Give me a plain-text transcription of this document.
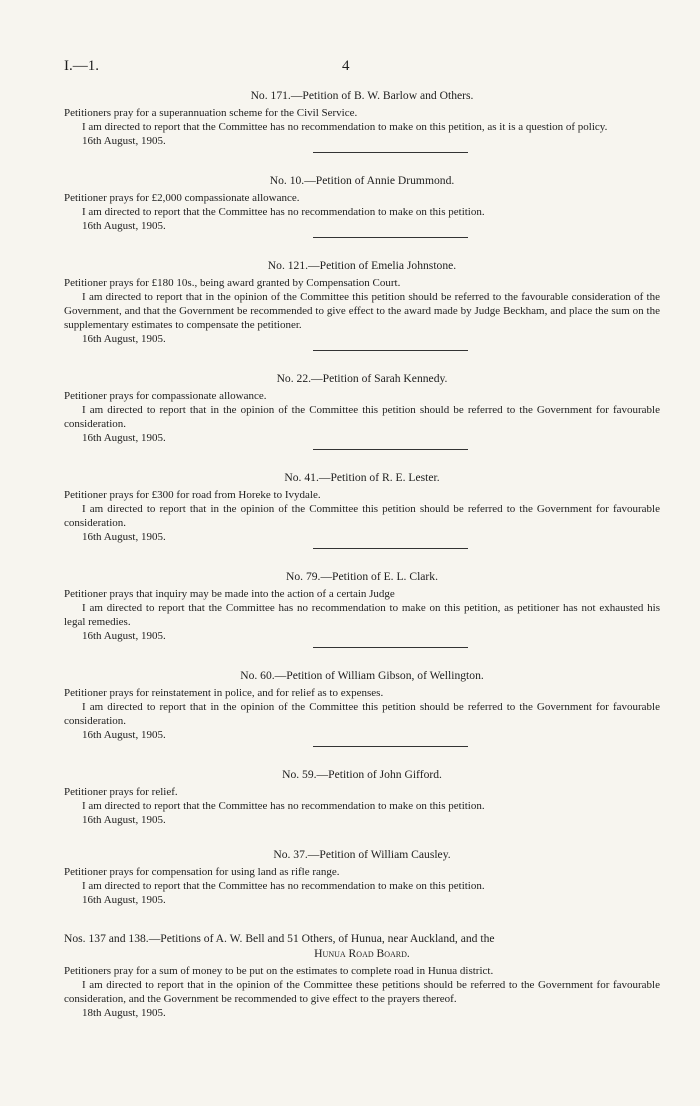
I.—1.	4

No. 171.—Petition of B. W. Barlow and Others.

Petitioners pray for a superannuation scheme for the Civil Service.

I am directed to report that the Committee has no recommendation to make on this petition, as it is a question of policy.

16th August, 1905.

No. 10.—Petition of Annie Drummond.

Petitioner prays for £2,000 compassionate allowance.

I am directed to report that the Committee has no recommendation to make on this petition.

16th August, 1905.

No. 121.—Petition of Emelia Johnstone.

Petitioner prays for £180 10s., being award granted by Compensation Court.

I am directed to report that in the opinion of the Committee this petition should be referred to the favourable consideration of the Government, and that the Government be recommended to give effect to the award made by Judge Beckham, and place the sum on the supplementary estimates to compensate the petitioner.

16th August, 1905.

No. 22.—Petition of Sarah Kennedy.

Petitioner prays for compassionate allowance.

I am directed to report that in the opinion of the Committee this petition should be referred to the Government for favourable consideration.

16th August, 1905.

No. 41.—Petition of R. E. Lester.

Petitioner prays for £300 for road from Horeke to Ivydale.

I am directed to report that in the opinion of the Committee this petition should be referred to the Government for favourable consideration.

16th August, 1905.

No. 79.—Petition of E. L. Clark.

Petitioner prays that inquiry may be made into the action of a certain Judge

I am directed to report that the Committee has no recommendation to make on this petition, as petitioner has not exhausted his legal remedies.

16th August, 1905.

No. 60.—Petition of William Gibson, of Wellington.

Petitioner prays for reinstatement in police, and for relief as to expenses.

I am directed to report that in the opinion of the Committee this petition should be referred to the Government for favourable consideration.

16th August, 1905.

No. 59.—Petition of John Gifford.

Petitioner prays for relief.

I am directed to report that the Committee has no recommendation to make on this petition.

16th August, 1905.

No. 37.—Petition of William Causley.

Petitioner prays for compensation for using land as rifle range.

I am directed to report that the Committee has no recommendation to make on this petition.

16th August, 1905.

Nos. 137 and 138.—Petitions of A. W. Bell and 51 Others, of Hunua, near Auckland, and the
Hunua Road Board.

Petitioners pray for a sum of money to be put on the estimates to complete road in Hunua district.

I am directed to report that in the opinion of the Committee these petitions should be referred to the Government for favourable consideration, and the Government be recommended to give effect to the prayers thereof.

18th August, 1905.
